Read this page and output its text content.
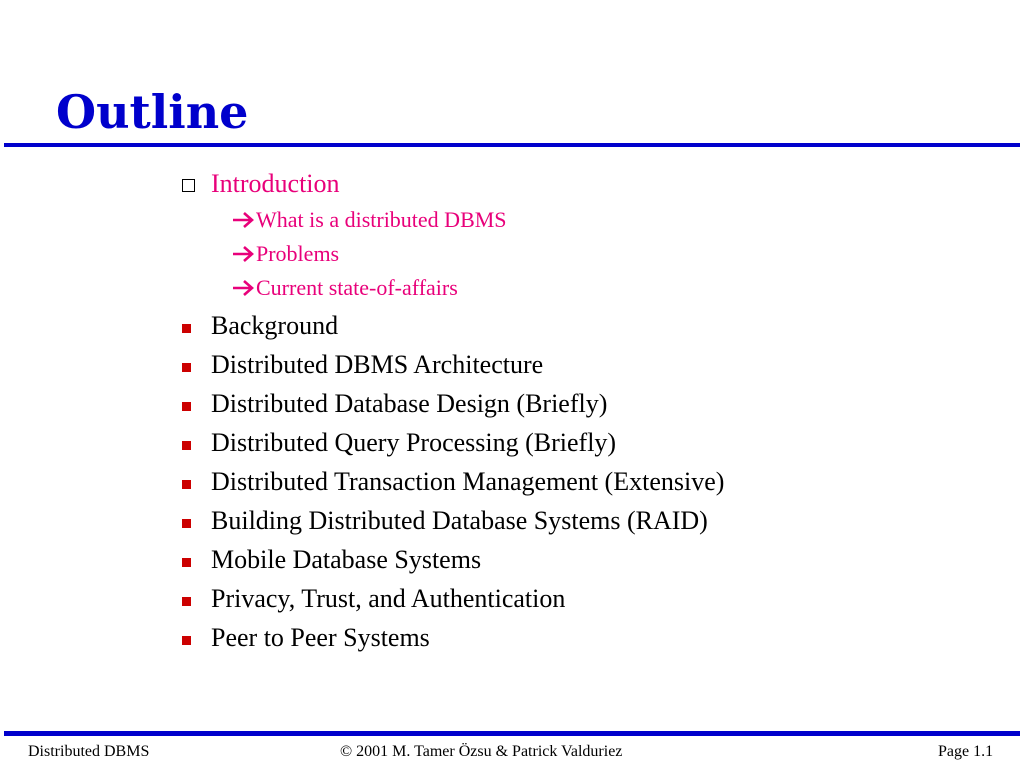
Outline
Introduction
What is a distributed DBMS
Problems
Current state-of-affairs
Background
Distributed DBMS Architecture
Distributed Database Design (Briefly)
Distributed Query Processing (Briefly)
Distributed Transaction Management (Extensive)
Building Distributed Database Systems (RAID)
Mobile Database Systems
Privacy, Trust, and Authentication
Peer to Peer Systems
Distributed DBMS	© 2001 M. Tamer Özsu & Patrick Valduriez	Page 1.1
